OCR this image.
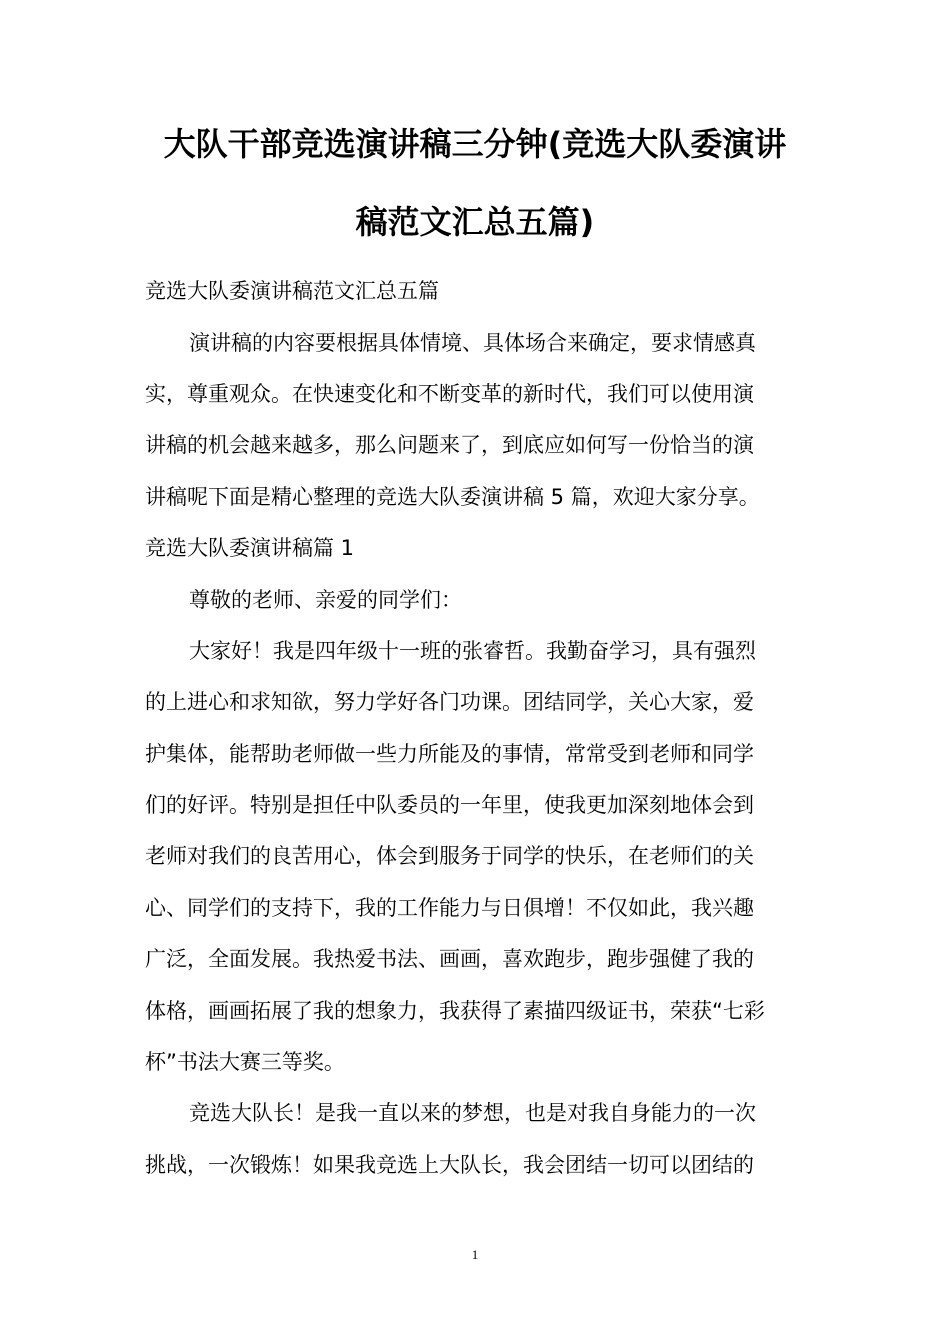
大队干部竞选演讲稿三分钟(竞选大队委演讲
稿范文汇总五篇)
竞选大队委演讲稿范文汇总五篇
演讲稿的内容要根据具体情境、具体场合来确定，要求情感真
实，尊重观众。在快速变化和不断变革的新时代，我们可以使用演
讲稿的机会越来越多，那么问题来了，到底应如何写一份恰当的演
讲稿呢下面是精心整理的竞选大队委演讲稿 5 篇，欢迎大家分享。
竞选大队委演讲稿篇 1
尊敬的老师、亲爱的同学们：
大家好！我是四年级十一班的张睿哲。我勤奋学习，具有强烈
的上进心和求知欲，努力学好各门功课。团结同学，关心大家，爱
护集体，能帮助老师做一些力所能及的事情，常常受到老师和同学
们的好评。特别是担任中队委员的一年里，使我更加深刻地体会到
老师对我们的良苦用心，体会到服务于同学的快乐，在老师们的关
心、同学们的支持下，我的工作能力与日俱增！不仅如此，我兴趣
广泛，全面发展。我热爱书法、画画，喜欢跑步，跑步强健了我的
体格，画画拓展了我的想象力，我获得了素描四级证书，荣获“七彩
杯”书法大赛三等奖。
竞选大队长！是我一直以来的梦想，也是对我自身能力的一次
挑战，一次锻炼！如果我竞选上大队长，我会团结一切可以团结的
1
